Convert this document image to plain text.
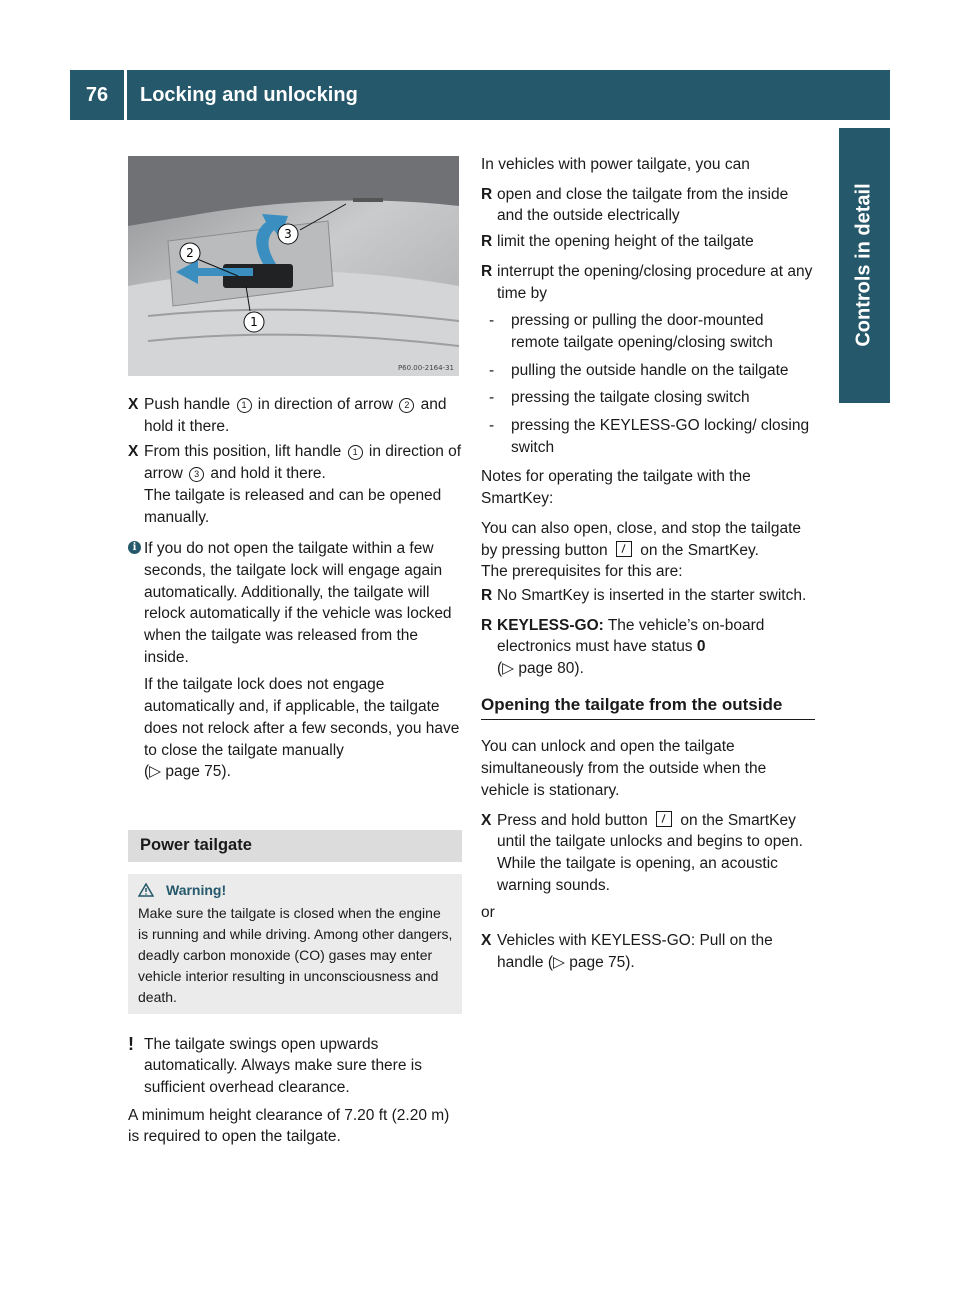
76	Locking and unlocking
Controls in detail
2
1
3
P60.00-2164-31
X Push handle 1 in direction of arrow 2 and hold it there.
X From this position, lift handle 1 in direction of arrow 3 and hold it there.
The tailgate is released and can be opened manually.
i If you do not open the tailgate within a few seconds, the tailgate lock will engage again automatically. Additionally, the tailgate will relock automatically if the vehicle was locked when the tailgate was released from the inside.

If the tailgate lock does not engage automatically and, if applicable, the tailgate does not relock after a few seconds, you have to close the tailgate manually
(▷ page 75).

Power tailgate
Warning!
Make sure the tailgate is closed when the engine is running and while driving. Among other dangers, deadly carbon monoxide (CO) gases may enter vehicle interior resulting in unconsciousness and death.
! The tailgate swings open upwards automatically. Always make sure there is sufficient overhead clearance.

A minimum height clearance of 7.20 ft (2.20 m) is required to open the tailgate.

In vehicles with power tailgate, you can

R open and close the tailgate from the inside and the outside electrically
R limit the opening height of the tailgate
R interrupt the opening/closing procedure at any time by
- pressing or pulling the door-mounted remote tailgate opening/closing switch
- pulling the outside handle on the tailgate
- pressing the tailgate closing switch
- pressing the KEYLESS-GO locking/ closing switch

Notes for operating the tailgate with the SmartKey:

You can also open, close, and stop the tailgate by pressing button  on the SmartKey.

The prerequisites for this are:

R No SmartKey is inserted in the starter switch.
R KEYLESS-GO: The vehicle’s on-board electronics must have status 0
(▷ page 80).
Opening the tailgate from the outside

You can unlock and open the tailgate simultaneously from the outside when the vehicle is stationary.

X Press and hold button  on the SmartKey until the tailgate unlocks and begins to open.
While the tailgate is opening, an acoustic warning sounds.

or

X Vehicles with KEYLESS-GO: Pull on the handle (▷ page 75).
